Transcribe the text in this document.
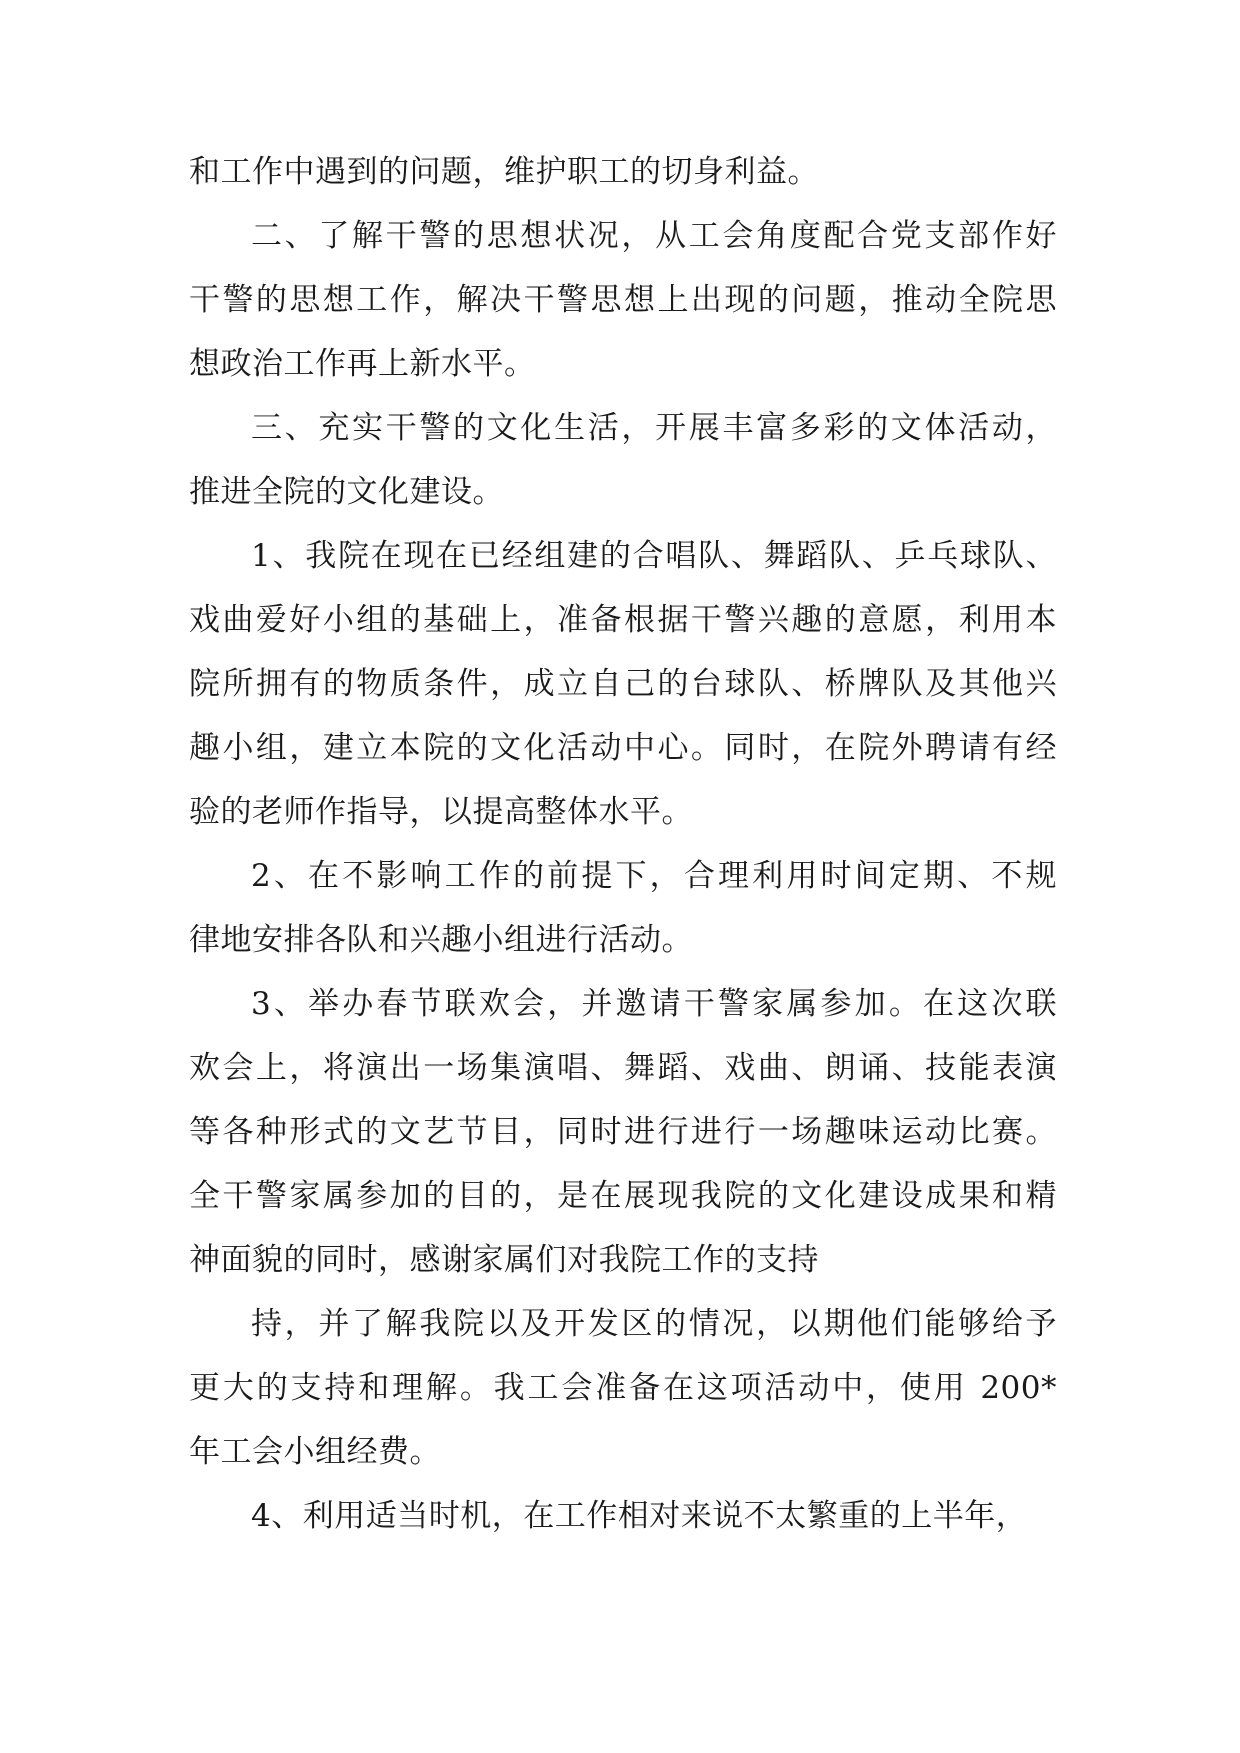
和工作中遇到的问题，维护职工的切身利益。
二、了解干警的思想状况，从工会角度配合党支部作好
干警的思想工作，解决干警思想上出现的问题，推动全院思
想政治工作再上新水平。
三、充实干警的文化生活，开展丰富多彩的文体活动，
推进全院的文化建设。
1、我院在现在已经组建的合唱队、舞蹈队、乒乓球队、
戏曲爱好小组的基础上，准备根据干警兴趣的意愿，利用本
院所拥有的物质条件，成立自己的台球队、桥牌队及其他兴
趣小组，建立本院的文化活动中心。同时，在院外聘请有经
验的老师作指导，以提高整体水平。
2、在不影响工作的前提下，合理利用时间定期、不规
律地安排各队和兴趣小组进行活动。
3、举办春节联欢会，并邀请干警家属参加。在这次联
欢会上，将演出一场集演唱、舞蹈、戏曲、朗诵、技能表演
等各种形式的文艺节目，同时进行进行一场趣味运动比赛。
全干警家属参加的目的，是在展现我院的文化建设成果和精
神面貌的同时，感谢家属们对我院工作的支持
持，并了解我院以及开发区的情况，以期他们能够给予
更大的支持和理解。我工会准备在这项活动中，使用 200*
年工会小组经费。
4、利用适当时机，在工作相对来说不太繁重的上半年，
